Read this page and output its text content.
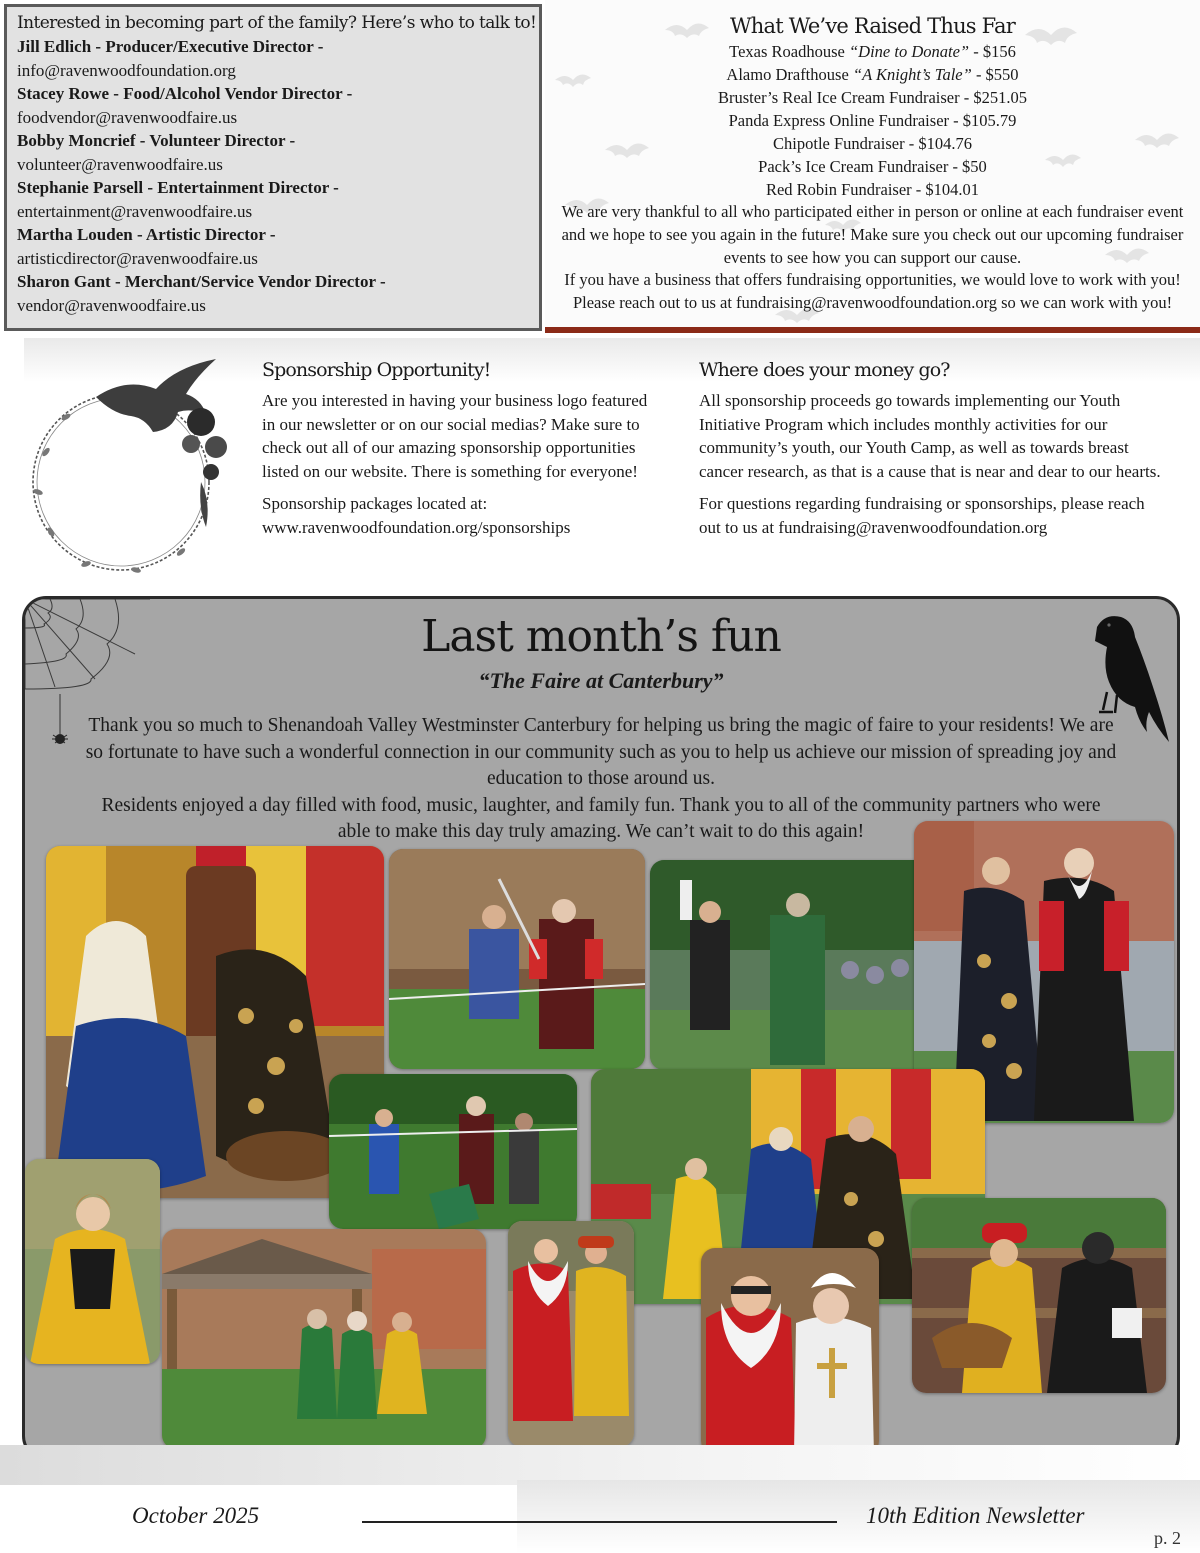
Interested in becoming part of the family? Here’s who to talk to!
Jill Edlich - Producer/Executive Director -
info@ravenwoodfoundation.org
Stacey Rowe - Food/Alcohol Vendor Director -
foodvendor@ravenwoodfaire.us
Bobby Moncrief - Volunteer Director -
volunteer@ravenwoodfaire.us
Stephanie Parsell - Entertainment Director -
entertainment@ravenwoodfaire.us
Martha Louden - Artistic Director -
artisticdirector@ravenwoodfaire.us
Sharon Gant - Merchant/Service Vendor Director -
vendor@ravenwoodfaire.us
What We’ve Raised Thus Far
Texas Roadhouse “Dine to Donate” - $156
Alamo Drafthouse “A Knight’s Tale” - $550
Bruster’s Real Ice Cream Fundraiser - $251.05
Panda Express Online Fundraiser - $105.79
Chipotle Fundraiser - $104.76
Pack’s Ice Cream Fundraiser - $50
Red Robin Fundraiser - $104.01
We are very thankful to all who participated either in person or online at each fundraiser event and we hope to see you again in the future! Make sure you check out our upcoming fundraiser events to see how you can support our cause.
If you have a business that offers fundraising opportunities, we would love to work with you! Please reach out to us at fundraising@ravenwoodfoundation.org so we can work with you!
Sponsorship Opportunity!

Are you interested in having your business logo featured in our newsletter or on our social medias? Make sure to check out all of our amazing sponsorship opportunities listed on our website. There is something for everyone!

Sponsorship packages located at:
www.ravenwoodfoundation.org/sponsorships
Where does your money go?

All sponsorship proceeds go towards implementing our Youth Initiative Program which includes monthly activities for our community’s youth, our Youth Camp, as well as towards breast cancer research, as that is a cause that is near and dear to our hearts.

For questions regarding fundraising or sponsorships, please reach out to us at fundraising@ravenwoodfoundation.org
Last month’s fun
“The Faire at Canterbury”
Thank you so much to Shenandoah Valley Westminster Canterbury for helping us bring the magic of faire to your residents! We are so fortunate to have such a wonderful connection in our community such as you to help us achieve our mission of spreading joy and education to those around us.
Residents enjoyed a day filled with food, music, laughter, and family fun. Thank you to all of the community partners who were able to make this day truly amazing. We can’t wait to do this again!
October 2025	10th Edition Newsletter
p. 2
